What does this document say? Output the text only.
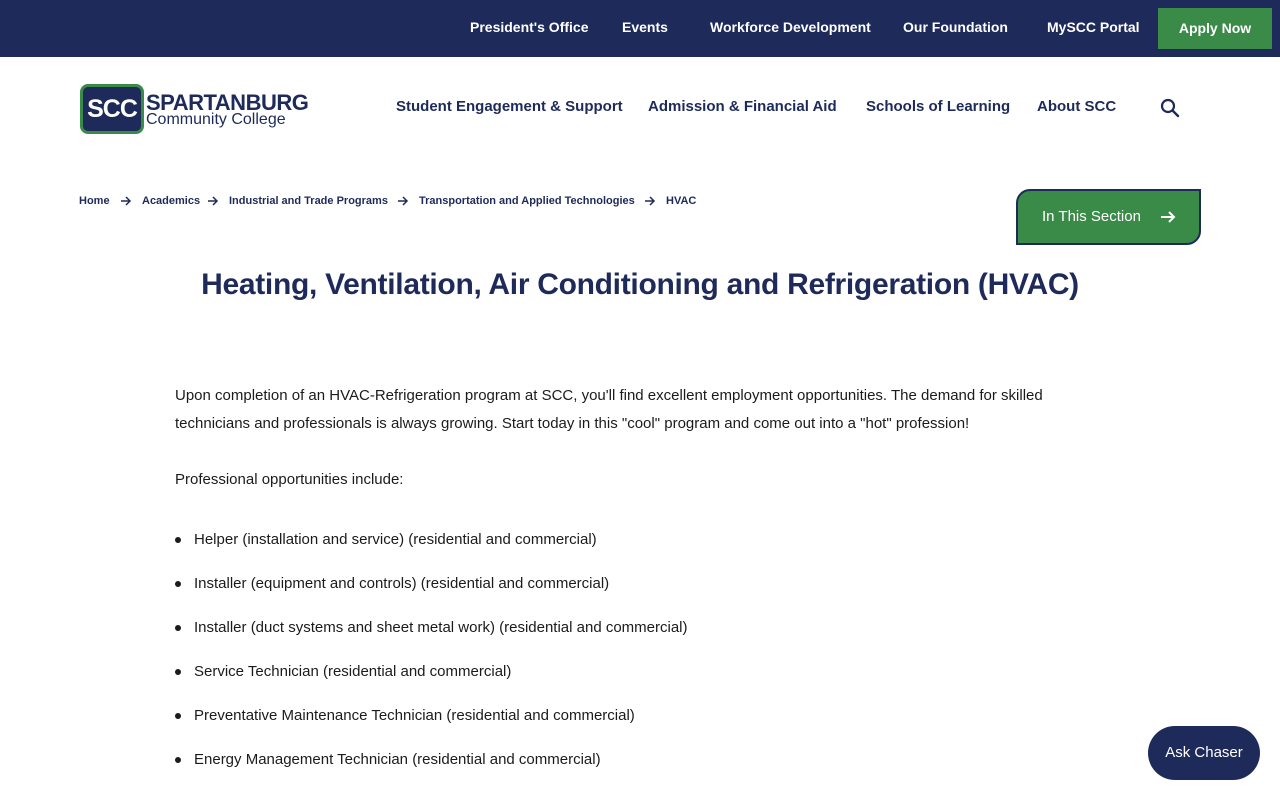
President's Office Events	Workforce Development Our Foundation	MySCC Portal	Apply Now
SCC SPARTANBURG
Community College
Student Engagement & Support Admission & Financial Aid Schools of Learning About SCC
Home	Academics	Industrial and Trade Programs	Transportation and Applied Technologies	HVAC
In This Section
Heating, Ventilation, Air Conditioning and Refrigeration (HVAC)

Upon completion of an HVAC-Refrigeration program at SCC, you'll find excellent employment opportunities. The demand for skilled technicians and professionals is always growing. Start today in this "cool" program and come out into a "hot" profession!

Professional opportunities include:

Helper (installation and service) (residential and commercial)
Installer (equipment and controls) (residential and commercial)
Installer (duct systems and sheet metal work) (residential and commercial)
Service Technician (residential and commercial)
Preventative Maintenance Technician (residential and commercial)
Energy Management Technician (residential and commercial)	Ask Chaser
